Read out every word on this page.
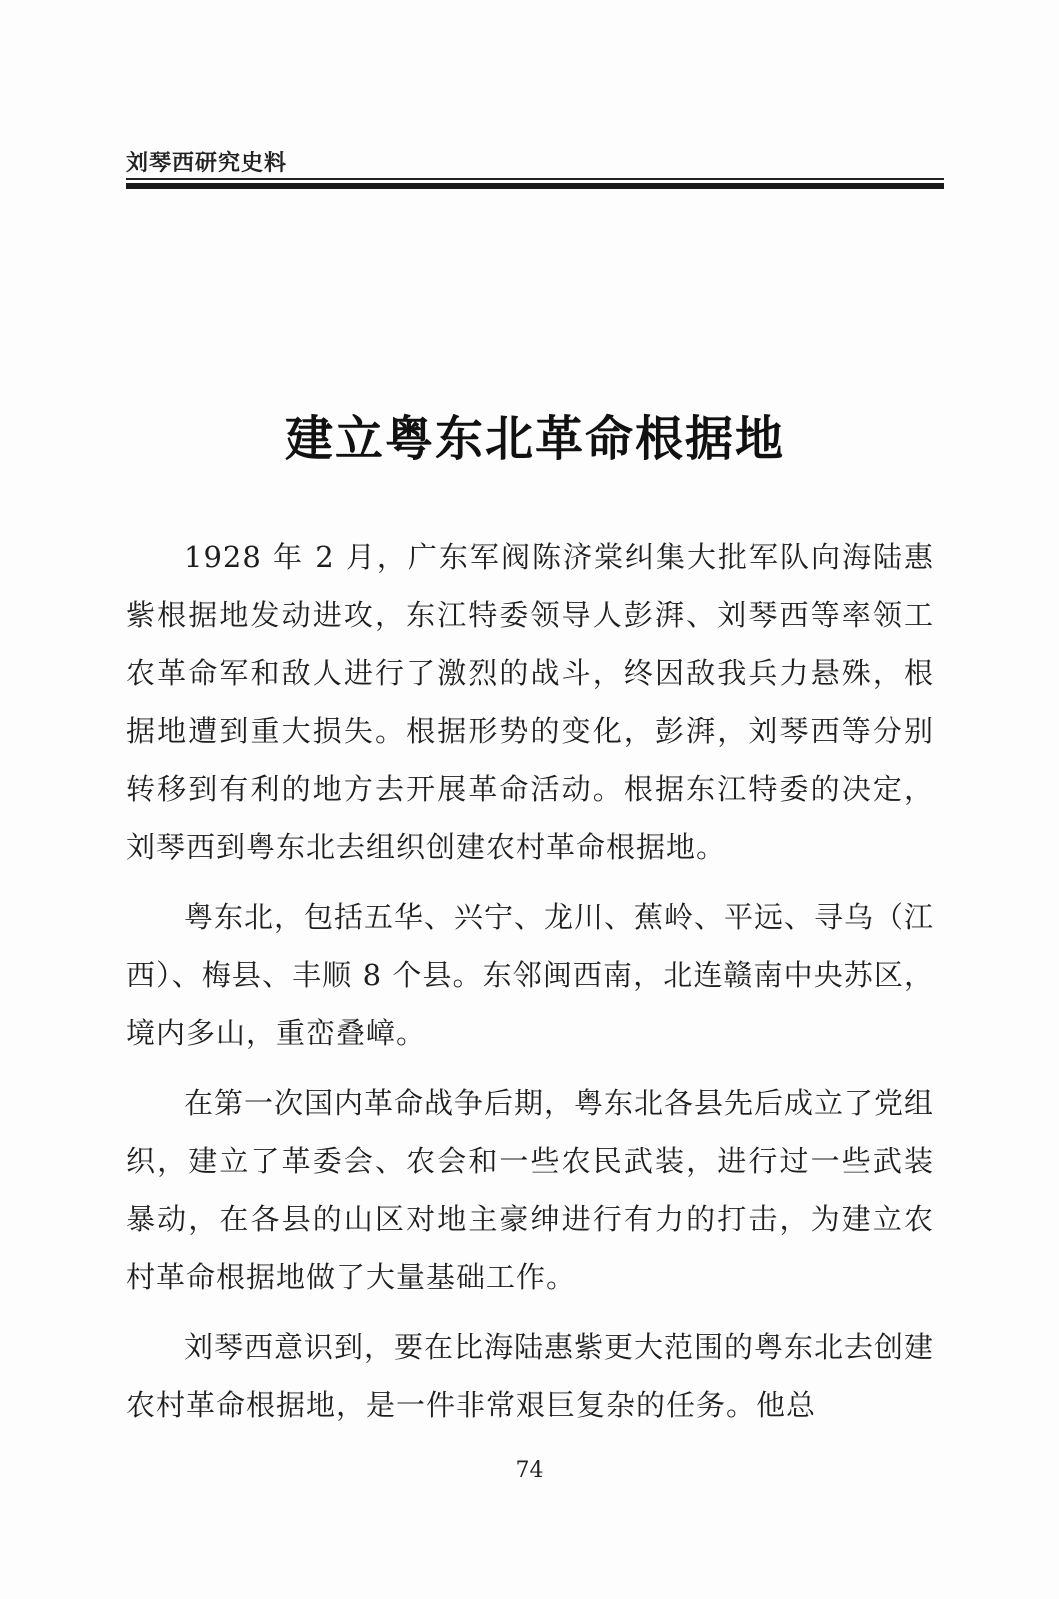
刘琴西研究史料
建立粤东北革命根据地

1928 年 2 月，广东军阀陈济棠纠集大批军队向海陆惠紫根据地发动进攻，东江特委领导人彭湃、刘琴西等率领工农革命军和敌人进行了激烈的战斗，终因敌我兵力悬殊，根据地遭到重大损失。根据形势的变化，彭湃，刘琴西等分别转移到有利的地方去开展革命活动。根据东江特委的决定，刘琴西到粤东北去组织创建农村革命根据地。

粤东北，包括五华、兴宁、龙川、蕉岭、平远、寻乌（江西）、梅县、丰顺 8 个县。东邻闽西南，北连赣南中央苏区，境内多山，重峦叠嶂。

在第一次国内革命战争后期，粤东北各县先后成立了党组织，建立了革委会、农会和一些农民武装，进行过一些武装暴动，在各县的山区对地主豪绅进行有力的打击，为建立农村革命根据地做了大量基础工作。

刘琴西意识到，要在比海陆惠紫更大范围的粤东北去创建农村革命根据地，是一件非常艰巨复杂的任务。他总

74
